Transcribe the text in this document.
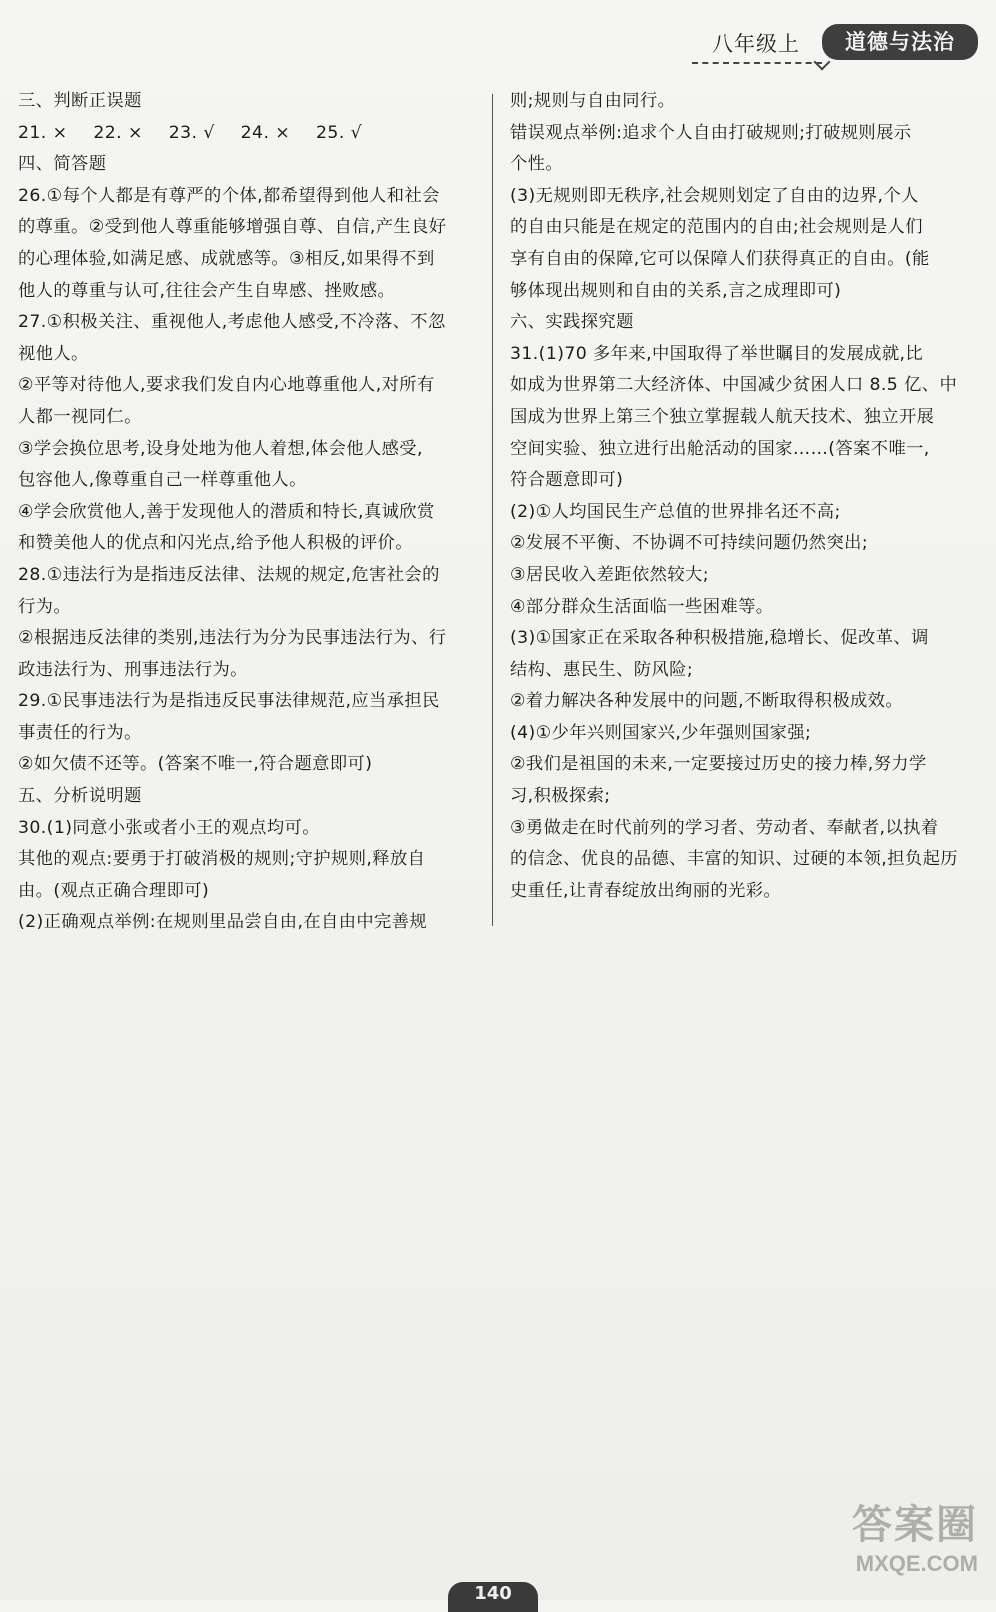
八年级上	道德与法治
三、判断正误题
21. × 22. × 23. √ 24. × 25. √
四、简答题
26.①每个人都是有尊严的个体,都希望得到他人和社会
的尊重。②受到他人尊重能够增强自尊、自信,产生良好
的心理体验,如满足感、成就感等。③相反,如果得不到
他人的尊重与认可,往往会产生自卑感、挫败感。
27.①积极关注、重视他人,考虑他人感受,不冷落、不忽
视他人。
②平等对待他人,要求我们发自内心地尊重他人,对所有
人都一视同仁。
③学会换位思考,设身处地为他人着想,体会他人感受,
包容他人,像尊重自己一样尊重他人。
④学会欣赏他人,善于发现他人的潜质和特长,真诚欣赏
和赞美他人的优点和闪光点,给予他人积极的评价。
28.①违法行为是指违反法律、法规的规定,危害社会的
行为。
②根据违反法律的类别,违法行为分为民事违法行为、行
政违法行为、刑事违法行为。
29.①民事违法行为是指违反民事法律规范,应当承担民
事责任的行为。
②如欠债不还等。(答案不唯一,符合题意即可)
五、分析说明题
30.(1)同意小张或者小王的观点均可。
其他的观点:要勇于打破消极的规则;守护规则,释放自
由。(观点正确合理即可)
(2)正确观点举例:在规则里品尝自由,在自由中完善规
则;规则与自由同行。
错误观点举例:追求个人自由打破规则;打破规则展示
个性。
(3)无规则即无秩序,社会规则划定了自由的边界,个人
的自由只能是在规定的范围内的自由;社会规则是人们
享有自由的保障,它可以保障人们获得真正的自由。(能
够体现出规则和自由的关系,言之成理即可)
六、实践探究题
31.(1)70 多年来,中国取得了举世瞩目的发展成就,比
如成为世界第二大经济体、中国减少贫困人口 8.5 亿、中
国成为世界上第三个独立掌握载人航天技术、独立开展
空间实验、独立进行出舱活动的国家……(答案不唯一,
符合题意即可)
(2)①人均国民生产总值的世界排名还不高;
②发展不平衡、不协调不可持续问题仍然突出;
③居民收入差距依然较大;
④部分群众生活面临一些困难等。
(3)①国家正在采取各种积极措施,稳增长、促改革、调
结构、惠民生、防风险;
②着力解决各种发展中的问题,不断取得积极成效。
(4)①少年兴则国家兴,少年强则国家强;
②我们是祖国的未来,一定要接过历史的接力棒,努力学
习,积极探索;
③勇做走在时代前列的学习者、劳动者、奉献者,以执着
的信念、优良的品德、丰富的知识、过硬的本领,担负起历
史重任,让青春绽放出绚丽的光彩。
答案圈
MXQE.COM
140
